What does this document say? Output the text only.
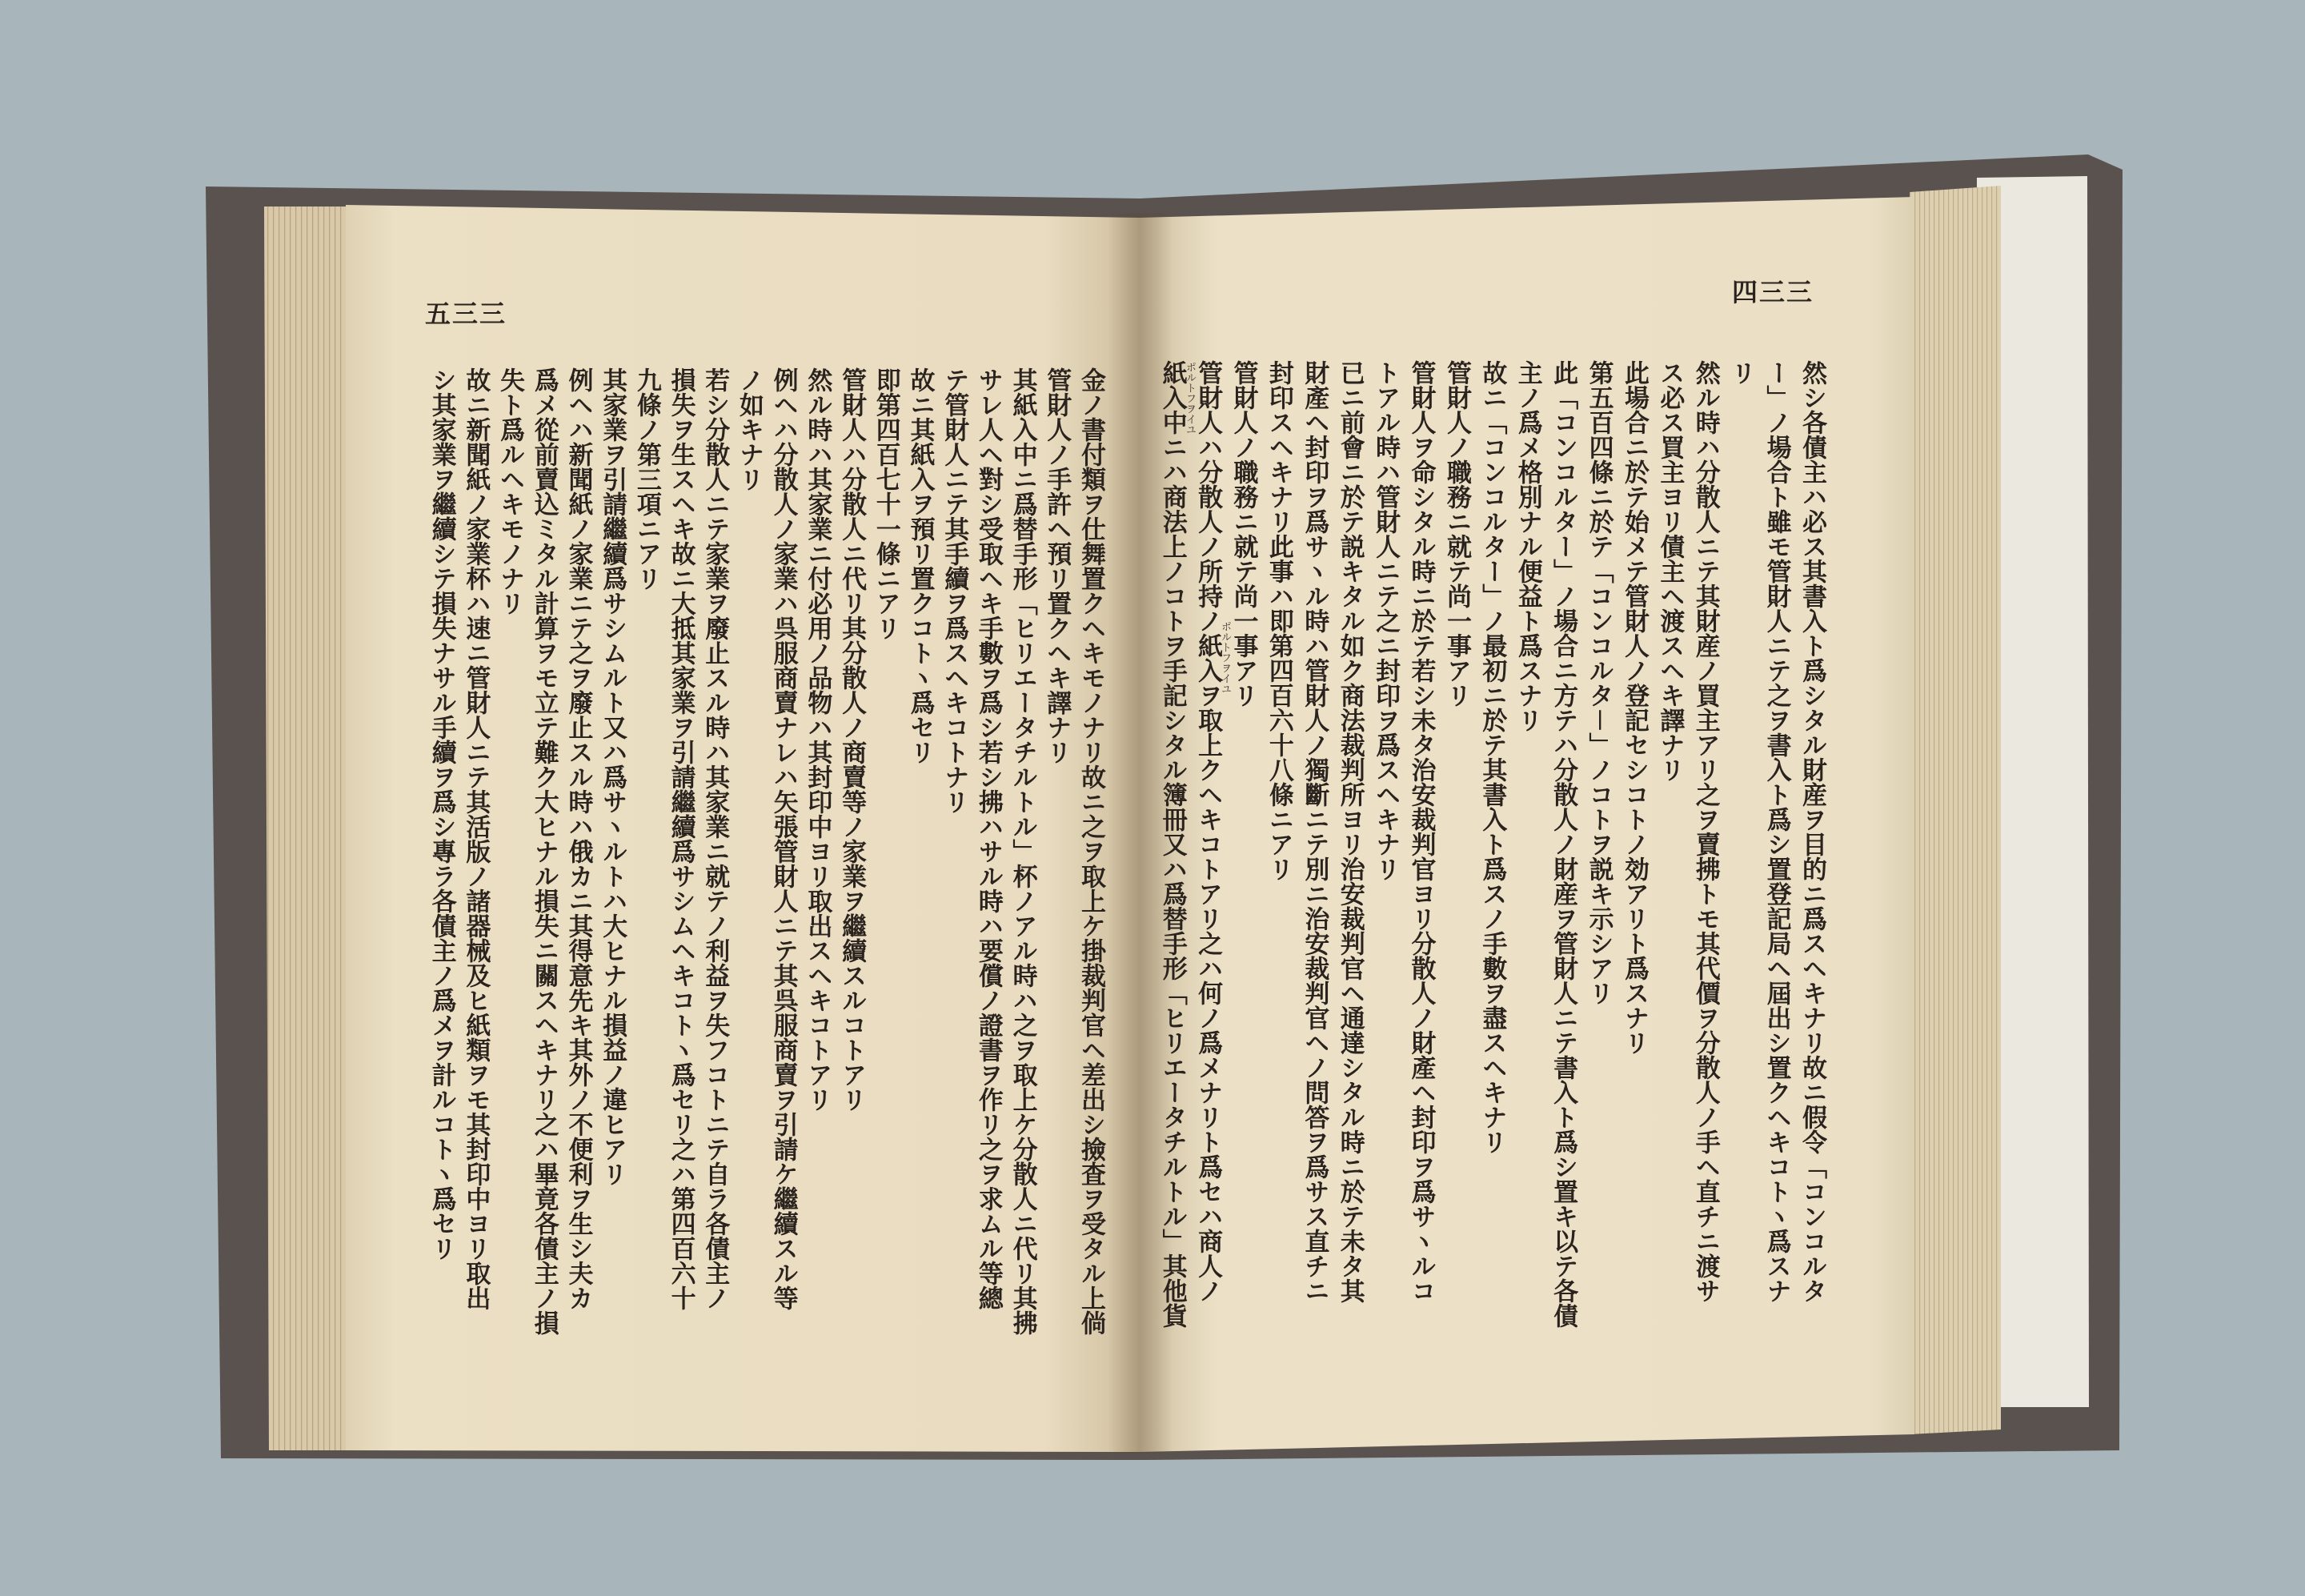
三三五
三三四
金ノ書付類ヲ仕舞置クヘキモノナリ故ニ之ヲ取上ケ掛裁判官ヘ差出シ撿査ヲ受タル上倘
管財人ノ手許ヘ預リ置クヘキ譯ナリ
其紙入中ニ爲替手形「ヒリエータチルトル」杯ノアル時ハ之ヲ取上ケ分散人ニ代リ其拂
サレ人ヘ對シ受取ヘキ手數ヲ爲シ若シ拂ハサル時ハ要償ノ證書ヲ作リ之ヲ求ムル等總
テ管財人ニテ其手續ヲ爲スヘキコトナリ
故ニ其紙入ヲ預リ置クコトヽ爲セリ
即第四百七十一條ニアリ
管財人ハ分散人ニ代リ其分散人ノ商賣等ノ家業ヲ繼續スルコトアリ
然ル時ハ其家業ニ付必用ノ品物ハ其封印中ヨリ取出スヘキコトアリ
例ヘハ分散人ノ家業ハ呉服商賣ナレハ矢張管財人ニテ其呉服商賣ヲ引請ケ繼續スル等
ノ如キナリ
若シ分散人ニテ家業ヲ廢止スル時ハ其家業ニ就テノ利益ヲ失フコトニテ自ラ各債主ノ
損失ヲ生スヘキ故ニ大抵其家業ヲ引請繼續爲サシムヘキコトヽ爲セリ之ハ第四百六十
九條ノ第三項ニアリ
其家業ヲ引請繼續爲サシムルト又ハ爲サヽルトハ大ヒナル損益ノ違ヒアリ
例ヘハ新聞紙ノ家業ニテ之ヲ廢止スル時ハ俄カニ其得意先キ其外ノ不便利ヲ生シ夫カ
爲メ從前賣込ミタル計算ヲモ立テ難ク大ヒナル損失ニ關スヘキナリ之ハ畢竟各債主ノ損
失ト爲ルヘキモノナリ
故ニ新聞紙ノ家業杯ハ速ニ管財人ニテ其活版ノ諸器械及ヒ紙類ヲモ其封印中ヨリ取出
シ其家業ヲ繼續シテ損失ナサル手續ヲ爲シ專ラ各債主ノ爲メヲ計ルコトヽ爲セリ	然シ各債主ハ必ス其書入ト爲シタル財産ヲ目的ニ爲スヘキナリ故ニ假令「コンコルタ
ー」ノ場合ト雖モ管財人ニテ之ヲ書入ト爲シ置登記局ヘ屆出シ置クヘキコトヽ爲スナ
リ
然ル時ハ分散人ニテ其財産ノ買主アリ之ヲ賣拂トモ其代價ヲ分散人ノ手ヘ直チニ渡サ
ス必ス買主ヨリ債主ヘ渡スヘキ譯ナリ
此場合ニ於テ始メテ管財人ノ登記セシコトノ効アリト爲スナリ
第五百四條ニ於テ「コンコルタ－」ノコトヲ説キ示シアリ
此「コンコルター」ノ場合ニ方テハ分散人ノ財産ヲ管財人ニテ書入ト爲シ置キ以テ各債
主ノ爲メ格別ナル便益ト爲スナリ
故ニ「コンコルター」ノ最初ニ於テ其書入ト爲スノ手數ヲ盡スヘキナリ
管財人ノ職務ニ就テ尚一事アリ
管財人ヲ命シタル時ニ於テ若シ未タ治安裁判官ヨリ分散人ノ財產ヘ封印ヲ爲サヽルコ
トアル時ハ管財人ニテ之ニ封印ヲ爲スヘキナリ
已ニ前會ニ於テ説キタル如ク商法裁判所ヨリ治安裁判官ヘ通達シタル時ニ於テ未タ其
財產ヘ封印ヲ爲サヽル時ハ管財人ノ獨斷ニテ別ニ治安裁判官ヘノ問答ヲ爲サス直チニ
封印スヘキナリ此事ハ即第四百六十八條ニアリ
管財人ノ職務ニ就テ尚一事アリ
管財人ハ分散人ノ所持ノ紙入ヲ取上クヘキコトアリ之ハ何ノ爲メナリト爲セハ商人ノ
紙入中ニハ商法上ノコトヲ手記シタル簿冊又ハ爲替手形「ヒリエータチルトル」其他貨
ポルトフヲイユ
ポルトフヲイユ
